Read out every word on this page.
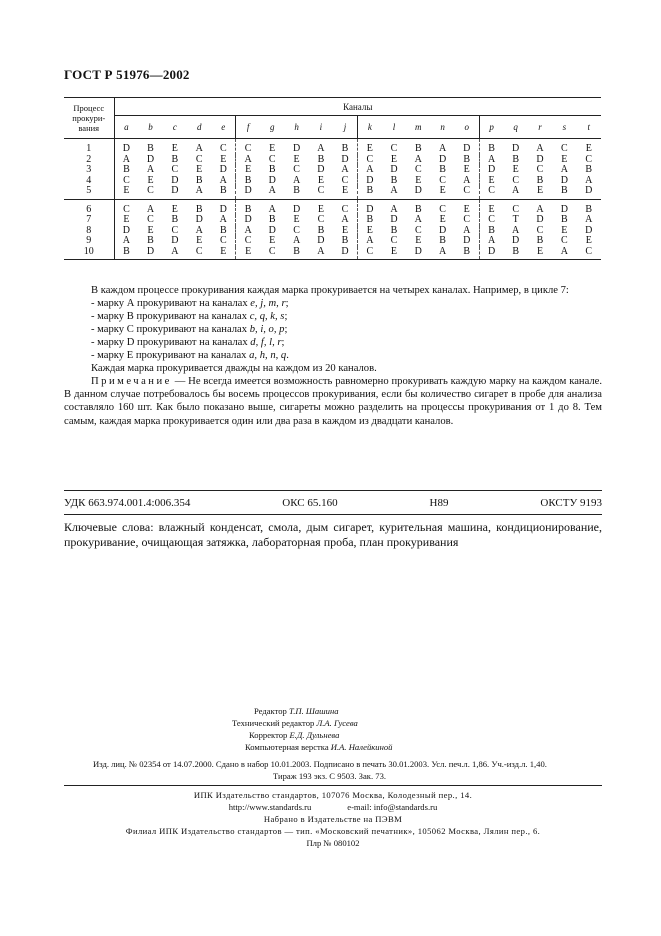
ГОСТ Р 51976—2002
Процесс
прокури-
вания	Каналы																			
	a	b	c	d	e	f	g	h	i	j	k	l	m	n	o	p	q	r	s	t
1	D	B	E	A	C	C	E	D	A	B	E	C	B	A	D	B	D	A	C	E
2	A	D	B	C	E	A	C	E	B	D	C	E	A	D	B	A	B	D	E	C
3	B	A	C	E	D	E	B	C	D	A	A	D	C	B	E	D	E	C	A	B
4	C	E	D	B	A	B	D	A	E	C	D	B	E	C	A	E	C	B	D	A
5	E	C	D	A	B	D	A	B	C	E	B	A	D	E	C	C	A	E	B	D
6	C	A	E	B	D	B	A	D	E	C	D	A	B	C	E	E	C	A	D	B
7	E	C	B	D	A	D	B	E	C	A	B	D	A	E	C	C	T	D	B	A
8	D	E	C	A	B	A	D	C	B	E	E	B	C	D	A	B	A	C	E	D
9	A	B	D	E	C	C	E	A	D	B	A	C	E	B	D	A	D	B	C	E
10	B	D	A	C	E	E	C	B	A	D	C	E	D	A	B	D	B	E	A	C
В каждом процессе прокуривания каждая марка прокуривается на четырех каналах. Например, в цикле 7:
- марку А прокуривают на каналах e, j, m, r;
- марку В прокуривают на каналах c, q, k, s;
- марку С прокуривают на каналах b, i, o, p;
- марку D прокуривают на каналах d, f, l, r;
- марку Е прокуривают на каналах a, h, n, q.
Каждая марка прокуривается дважды на каждом из 20 каналов.
Примечание — Не всегда имеется возможность равномерно прокуривать каждую марку на каждом канале. В данном случае потребовалось бы восемь процессов прокуривания, если бы количество сигарет в пробе для анализа составляло 160 шт. Как было показано выше, сигареты можно разделить на процессы прокуривания от 1 до 8. Тем самым, каждая марка прокуривается один или два раза в каждом из двадцати каналов.
УДК 663.974.001.4:006.354	ОКС 65.160	Н89	ОКСТУ 9193
Ключевые слова: влажный конденсат, смола, дым сигарет, курительная машина, кондиционирование, прокуривание, очищающая затяжка, лабораторная проба, план прокуривания
Редактор Т.П. Шашина
Технический редактор Л.А. Гусева
Корректор Е.Д. Дульнева
Компьютерная верстка И.А. Налейкиной
Изд. лиц. № 02354 от 14.07.2000. Сдано в набор 10.01.2003. Подписано в печать 30.01.2003. Усл. печ.л. 1,86. Уч.-изд.л. 1,40.
Тираж 193 экз. С 9503. Зак. 73.
ИПК Издательство стандартов, 107076 Москва, Колодезный пер., 14.
http://www.standards.ru	e-mail: info@standards.ru
Набрано в Издательстве на ПЭВМ
Филиал ИПК Издательство стандартов — тип. «Московский печатник», 105062 Москва, Лялин пер., 6.
Плр № 080102
